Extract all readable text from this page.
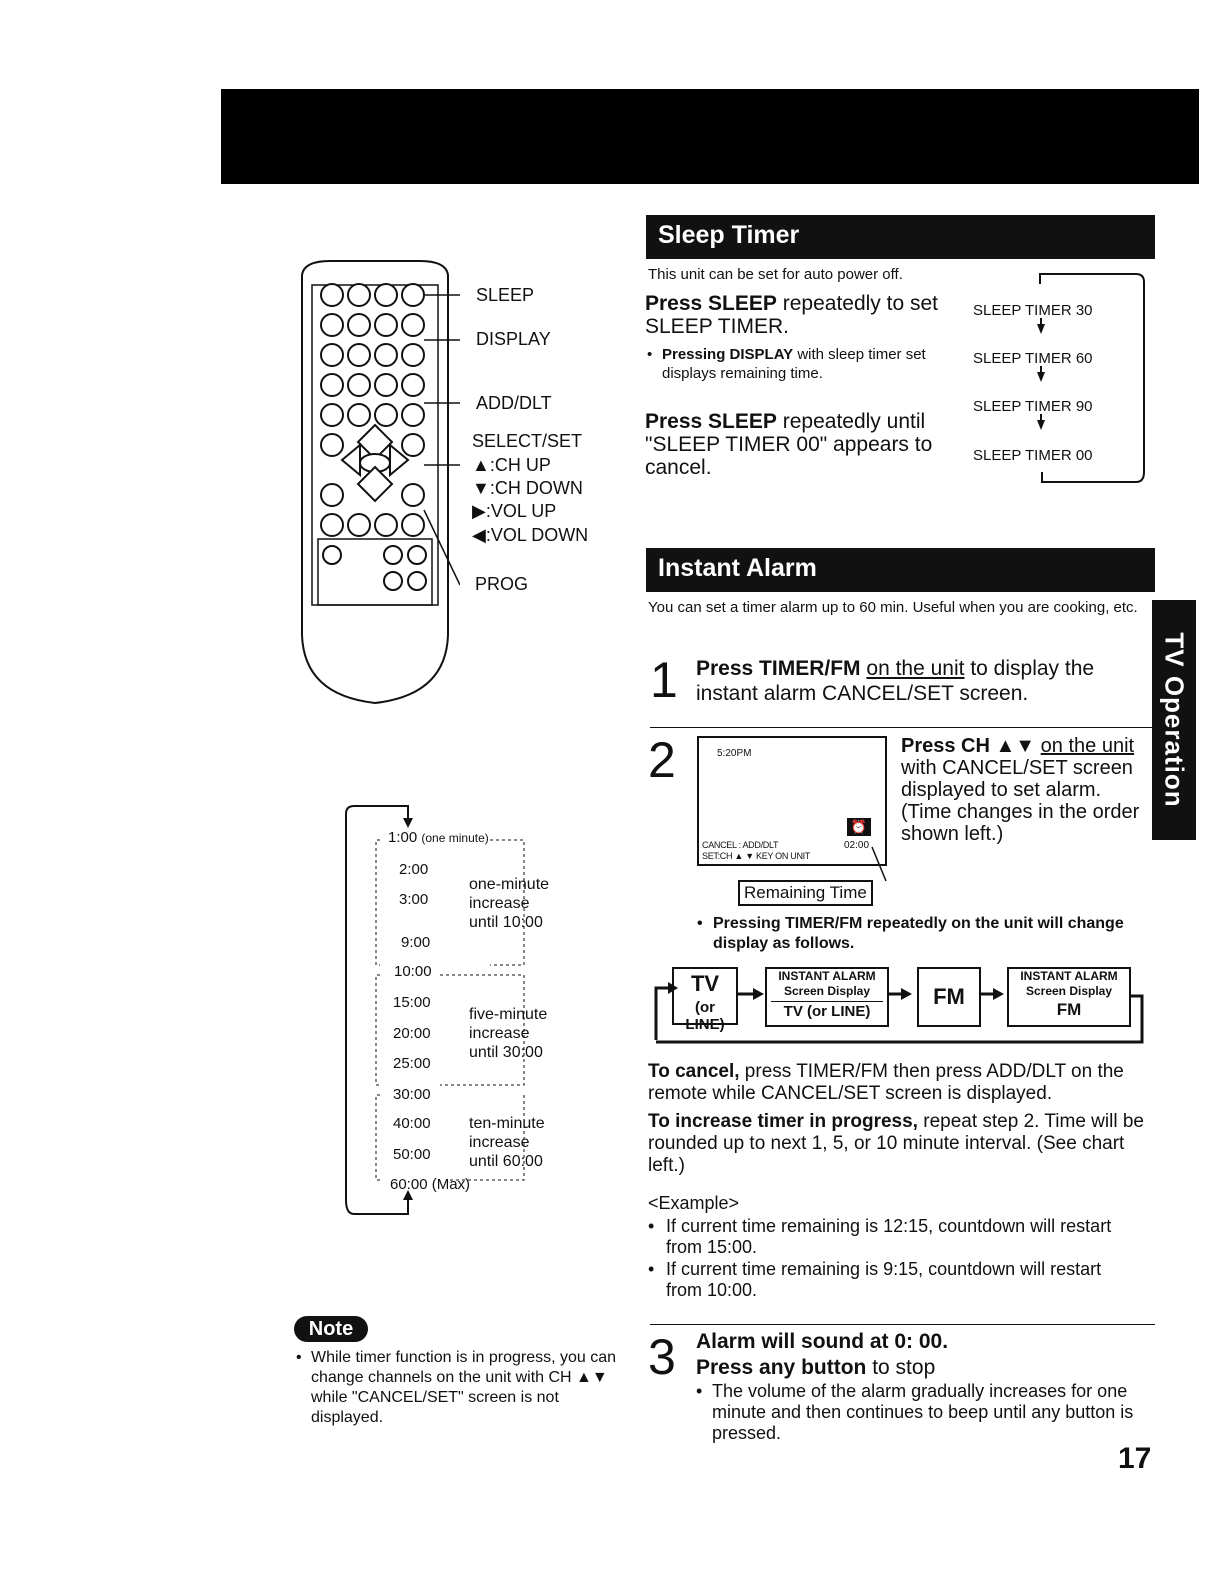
SLEEP
DISPLAY
ADD/DLT
SELECT/SET
▲:CH UP
▼:CH DOWN
▶:VOL UP
◀:VOL DOWN
PROG
1:00 (one minute)
2:00
3:00
9:00
10:00
15:00
20:00
25:00
30:00
40:00
50:00
60:00 (Max)
one-minute
increase
until 10:00
five-minute
increase
until 30:00
ten-minute
increase
until 60:00
Note
• While timer function is in progress, you can change channels on the unit with CH ▲▼ while "CANCEL/SET" screen is not displayed.
Sleep Timer
This unit can be set for auto power off.
Press SLEEP repeatedly to set SLEEP TIMER.
• Pressing DISPLAY with sleep timer set displays remaining time.
Press SLEEP repeatedly until "SLEEP TIMER 00" appears to cancel.
SLEEP TIMER 30
SLEEP TIMER 60
SLEEP TIMER 90
SLEEP TIMER 00
Instant Alarm
You can set a timer alarm up to 60 min. Useful when you are cooking, etc.
1 Press TIMER/FM on the unit to display the instant alarm CANCEL/SET screen.
2	5:20PM
⏰
CANCEL : ADD/DLT	02:00
SET:CH ▲ ▼ KEY ON UNIT
Remaining Time
Press CH ▲▼ on the unit with CANCEL/SET screen displayed to set alarm. (Time changes in the order shown left.)
• Pressing TIMER/FM repeatedly on the unit will change display as follows.
TV
(or LINE)
INSTANT ALARM
Screen Display
TV (or LINE)
FM
INSTANT ALARM
Screen Display
FM
To cancel, press TIMER/FM then press ADD/DLT on the remote while CANCEL/SET screen is displayed.
To increase timer in progress, repeat step 2. Time will be rounded up to next 1, 5, or 10 minute interval. (See chart left.)
<Example>
• If current time remaining is 12:15, countdown will restart from 15:00.
• If current time remaining is 9:15, countdown will restart from 10:00.
3 Alarm will sound at 0: 00.
Press any button to stop
• The volume of the alarm gradually increases for one minute and then continues to beep until any button is pressed.
TV Operation
17
